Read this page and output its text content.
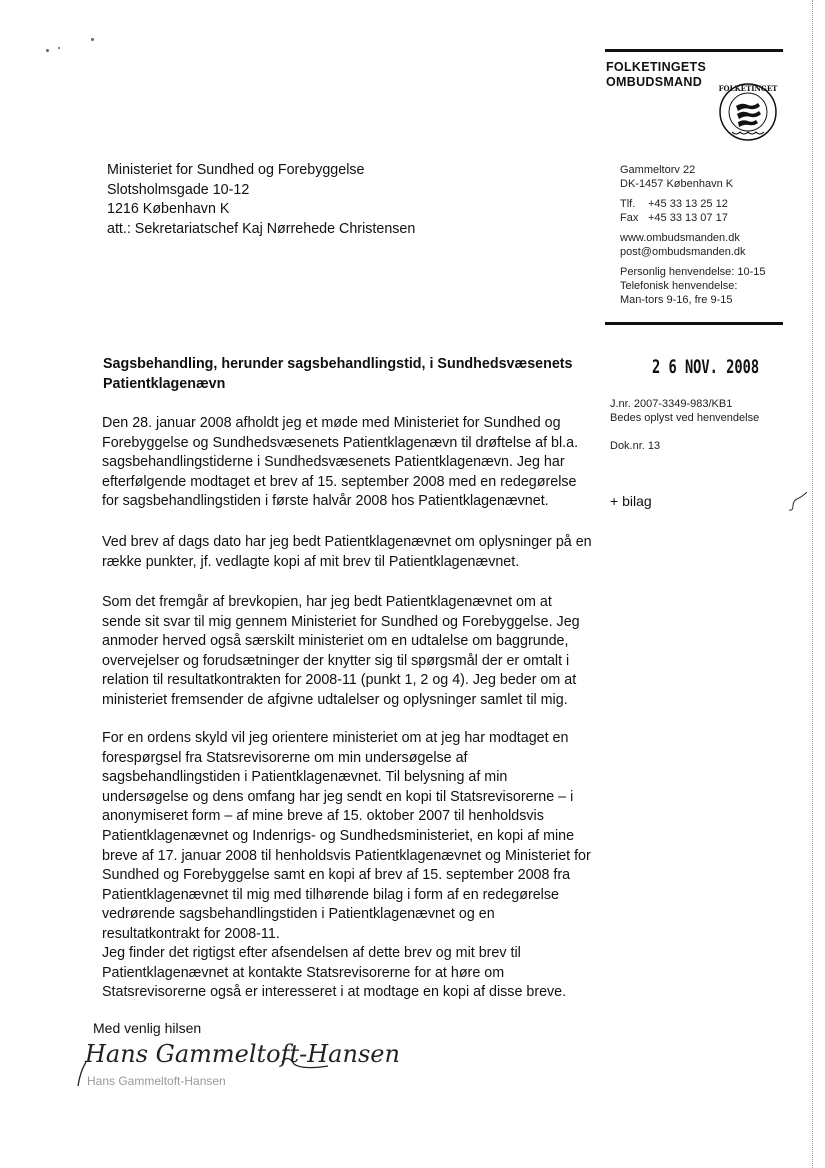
FOLKETINGETS
OMBUDSMAND	FOLKETINGET
Gammeltorv 22
DK-1457 København K
Tlf. +45 33 13 25 12
Fax +45 33 13 07 17
www.ombudsmanden.dk
post@ombudsmanden.dk
Personlig henvendelse: 10-15
Telefonisk henvendelse:
Man-tors 9-16, fre 9-15
Ministeriet for Sundhed og Forebyggelse
Slotsholmsgade 10-12
1216 København K
att.: Sekretariatschef Kaj Nørrehede Christensen
2 6 NOV. 2008
J.nr. 2007-3349-983/KB1
Bedes oplyst ved henvendelse
Dok.nr. 13
+ bilag
Sagsbehandling, herunder sagsbehandlingstid, i Sundhedsvæsenets
Patientklagenævn

Den 28. januar 2008 afholdt jeg et møde med Ministeriet for Sundhed og Forebyggelse og Sundhedsvæsenets Patientklagenævn til drøftelse af bl.a. sagsbehandlingstiderne i Sundhedsvæsenets Patientklagenævn. Jeg har efterfølgende modtaget et brev af 15. september 2008 med en redegørelse for sagsbehandlingstiden i første halvår 2008 hos Patientklagenævnet.

Ved brev af dags dato har jeg bedt Patientklagenævnet om oplysninger på en række punkter, jf. vedlagte kopi af mit brev til Patientklagenævnet.

Som det fremgår af brevkopien, har jeg bedt Patientklagenævnet om at sende sit svar til mig gennem Ministeriet for Sundhed og Forebyggelse. Jeg anmoder herved også særskilt ministeriet om en udtalelse om baggrunde, overvejelser og forudsætninger der knytter sig til spørgsmål der er omtalt i relation til resultatkontrakten for 2008-11 (punkt 1, 2 og 4). Jeg beder om at ministeriet fremsender de afgivne udtalelser og oplysninger samlet til mig.

For en ordens skyld vil jeg orientere ministeriet om at jeg har modtaget en forespørgsel fra Statsrevisorerne om min undersøgelse af sagsbehandlingstiden i Patientklagenævnet. Til belysning af min undersøgelse og dens omfang har jeg sendt en kopi til Statsrevisorerne – i anonymiseret form – af mine breve af 15. oktober 2007 til henholdsvis Patientklagenævnet og Indenrigs- og Sundhedsministeriet, en kopi af mine breve af 17. januar 2008 til henholdsvis Patientklagenævnet og Ministeriet for Sundhed og Forebyggelse samt en kopi af brev af 15. september 2008 fra Patientklagenævnet til mig med tilhørende bilag i form af en redegørelse vedrørende sagsbehandlingstiden i Patientklagenævnet og en resultatkontrakt for 2008-11.

Jeg finder det rigtigst efter afsendelsen af dette brev og mit brev til Patientklagenævnet at kontakte Statsrevisorerne for at høre om Statsrevisorerne også er interesseret i at modtage en kopi af disse breve.

Med venlig hilsen
Hans Gammeltoft-Hansen
Hans Gammeltoft-Hansen
